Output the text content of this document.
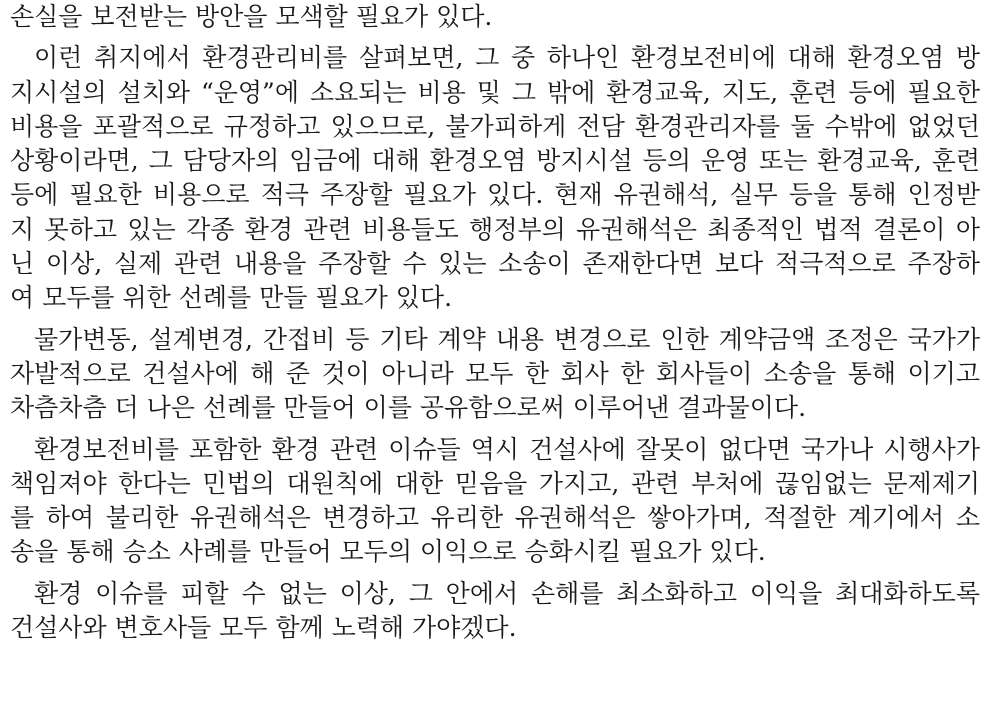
손실을 보전받는 방안을 모색할 필요가 있다.
이런 취지에서 환경관리비를 살펴보면, 그 중 하나인 환경보전비에 대해 환경오염 방
지시설의 설치와 “운영”에 소요되는 비용 및 그 밖에 환경교육, 지도, 훈련 등에 필요한
비용을 포괄적으로 규정하고 있으므로, 불가피하게 전담 환경관리자를 둘 수밖에 없었던
상황이라면, 그 담당자의 임금에 대해 환경오염 방지시설 등의 운영 또는 환경교육, 훈련
등에 필요한 비용으로 적극 주장할 필요가 있다. 현재 유권해석, 실무 등을 통해 인정받
지 못하고 있는 각종 환경 관련 비용들도 행정부의 유권해석은 최종적인 법적 결론이 아
닌 이상, 실제 관련 내용을 주장할 수 있는 소송이 존재한다면 보다 적극적으로 주장하
여 모두를 위한 선례를 만들 필요가 있다.
물가변동, 설계변경, 간접비 등 기타 계약 내용 변경으로 인한 계약금액 조정은 국가가
자발적으로 건설사에 해 준 것이 아니라 모두 한 회사 한 회사들이 소송을 통해 이기고
차츰차츰 더 나은 선례를 만들어 이를 공유함으로써 이루어낸 결과물이다.
환경보전비를 포함한 환경 관련 이슈들 역시 건설사에 잘못이 없다면 국가나 시행사가
책임져야 한다는 민법의 대원칙에 대한 믿음을 가지고, 관련 부처에 끊임없는 문제제기
를 하여 불리한 유권해석은 변경하고 유리한 유권해석은 쌓아가며, 적절한 계기에서 소
송을 통해 승소 사례를 만들어 모두의 이익으로 승화시킬 필요가 있다.
환경 이슈를 피할 수 없는 이상, 그 안에서 손해를 최소화하고 이익을 최대화하도록
건설사와 변호사들 모두 함께 노력해 가야겠다.
